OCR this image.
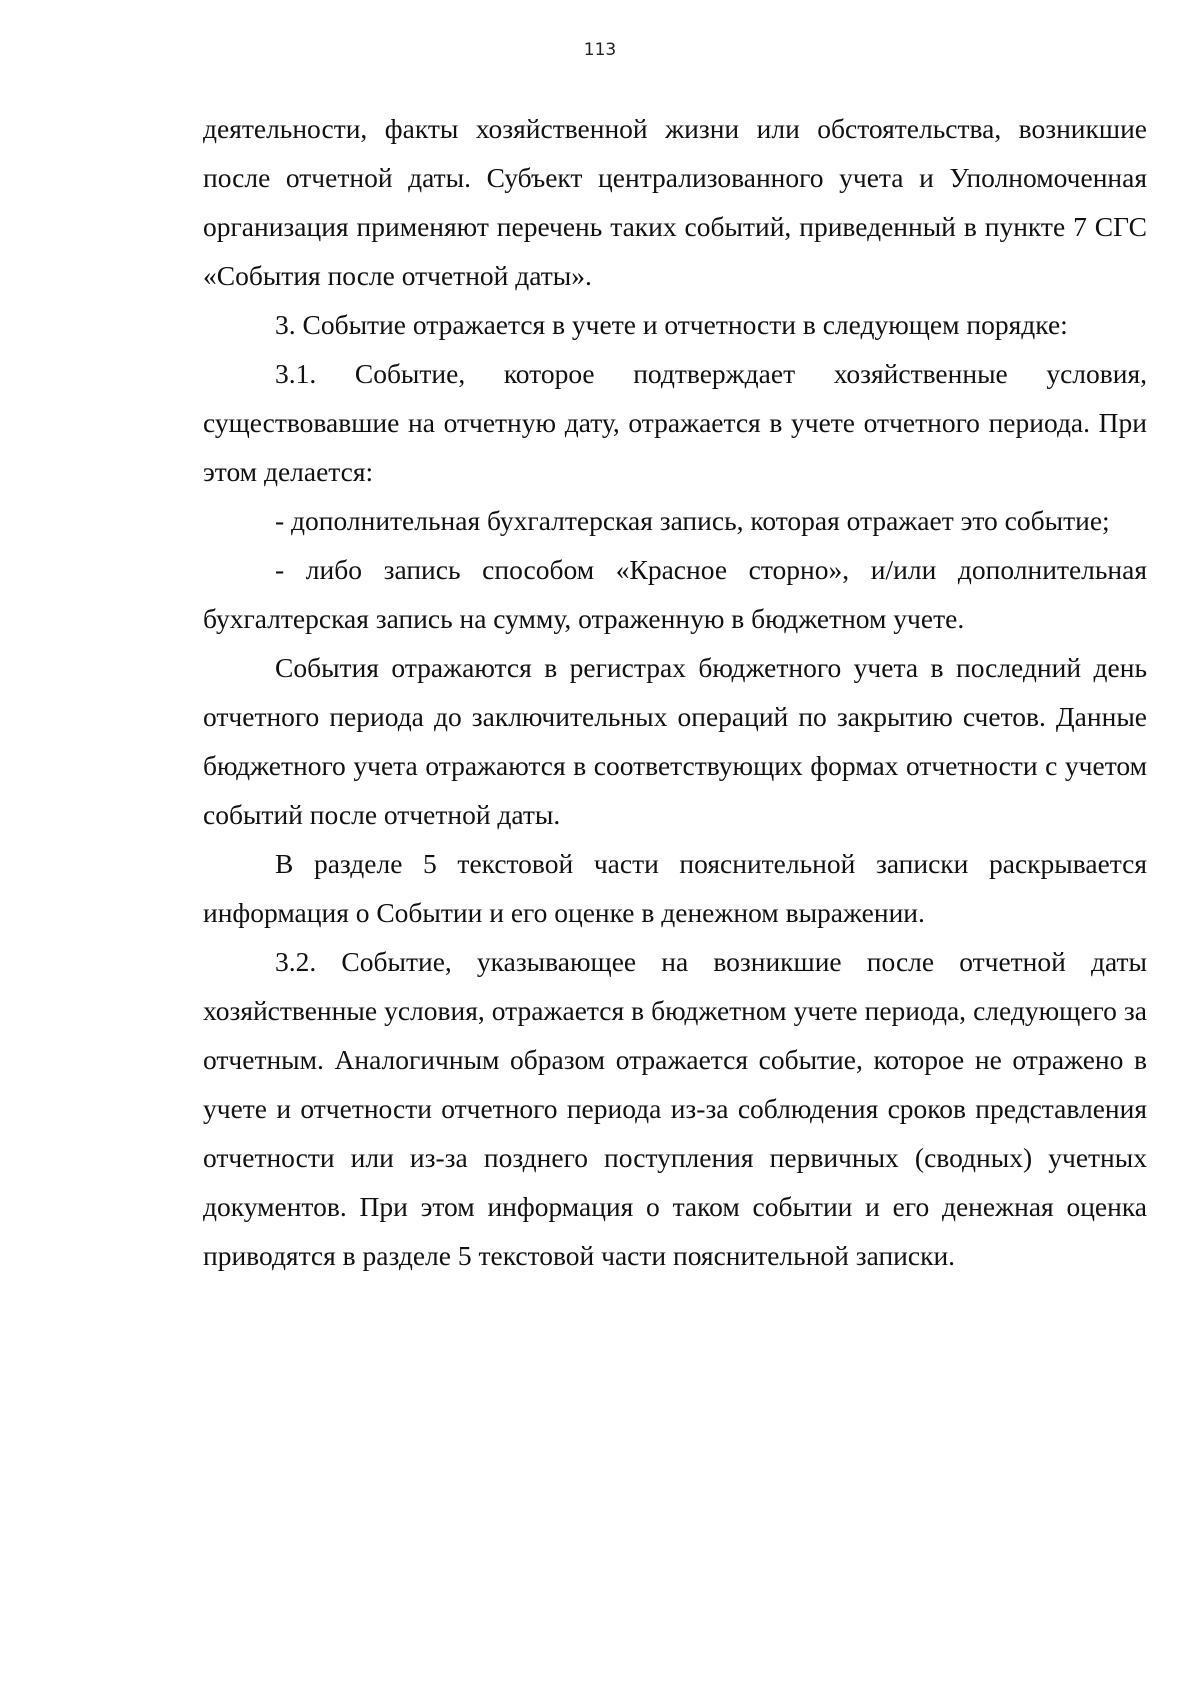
113

деятельности, факты хозяйственной жизни или обстоятельства, возникшие после отчетной даты. Субъект централизованного учета и Уполномоченная организация применяют перечень таких событий, приведенный в пункте 7 СГС «События после отчетной даты».

3. Событие отражается в учете и отчетности в следующем порядке:

3.1. Событие, которое подтверждает хозяйственные условия, существовавшие на отчетную дату, отражается в учете отчетного периода. При этом делается:

- дополнительная бухгалтерская запись, которая отражает это событие;

- либо запись способом «Красное сторно», и/или дополнительная бухгалтерская запись на сумму, отраженную в бюджетном учете.

События отражаются в регистрах бюджетного учета в последний день отчетного периода до заключительных операций по закрытию счетов. Данные бюджетного учета отражаются в соответствующих формах отчетности с учетом событий после отчетной даты.

В разделе 5 текстовой части пояснительной записки раскрывается информация о Событии и его оценке в денежном выражении.

3.2. Событие, указывающее на возникшие после отчетной даты хозяйственные условия, отражается в бюджетном учете периода, следующего за отчетным. Аналогичным образом отражается событие, которое не отражено в учете и отчетности отчетного периода из-за соблюдения сроков представления отчетности или из-за позднего поступления первичных (сводных) учетных документов. При этом информация о таком событии и его денежная оценка приводятся в разделе 5 текстовой части пояснительной записки.
